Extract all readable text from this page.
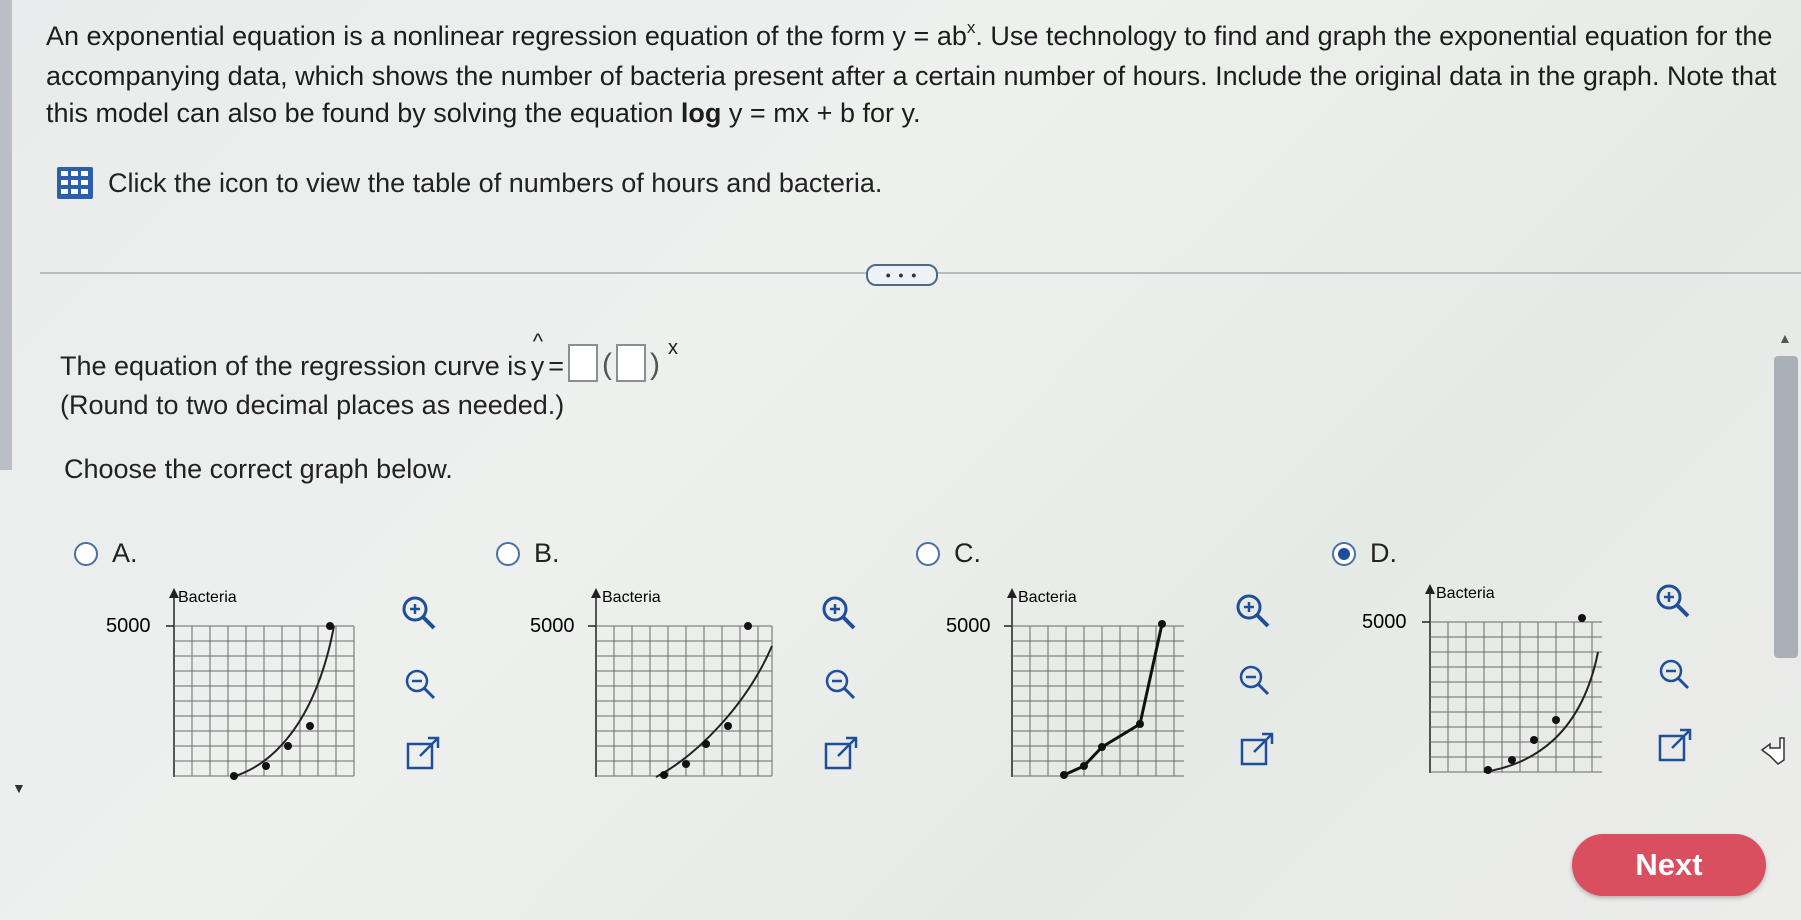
An exponential equation is a nonlinear regression equation of the form $y = ab^x$. Use technology to find and graph the exponential equation for the accompanying data, which shows the number of bacteria present after a certain number of hours. Include the original data in the graph. Note that this model can also be found by solving the equation log y = mx + b for y.
Click the icon to view the table of numbers of hours and bacteria.
• • •
The equation of the regression curve is
^
y = ( ) x
(Round to two decimal places as needed.)
Choose the correct graph below.
A.	B.	C.	D.
Bacteria
5000
Bacteria
5000
Bacteria
5000
Bacteria
5000
▲
▼
Next
